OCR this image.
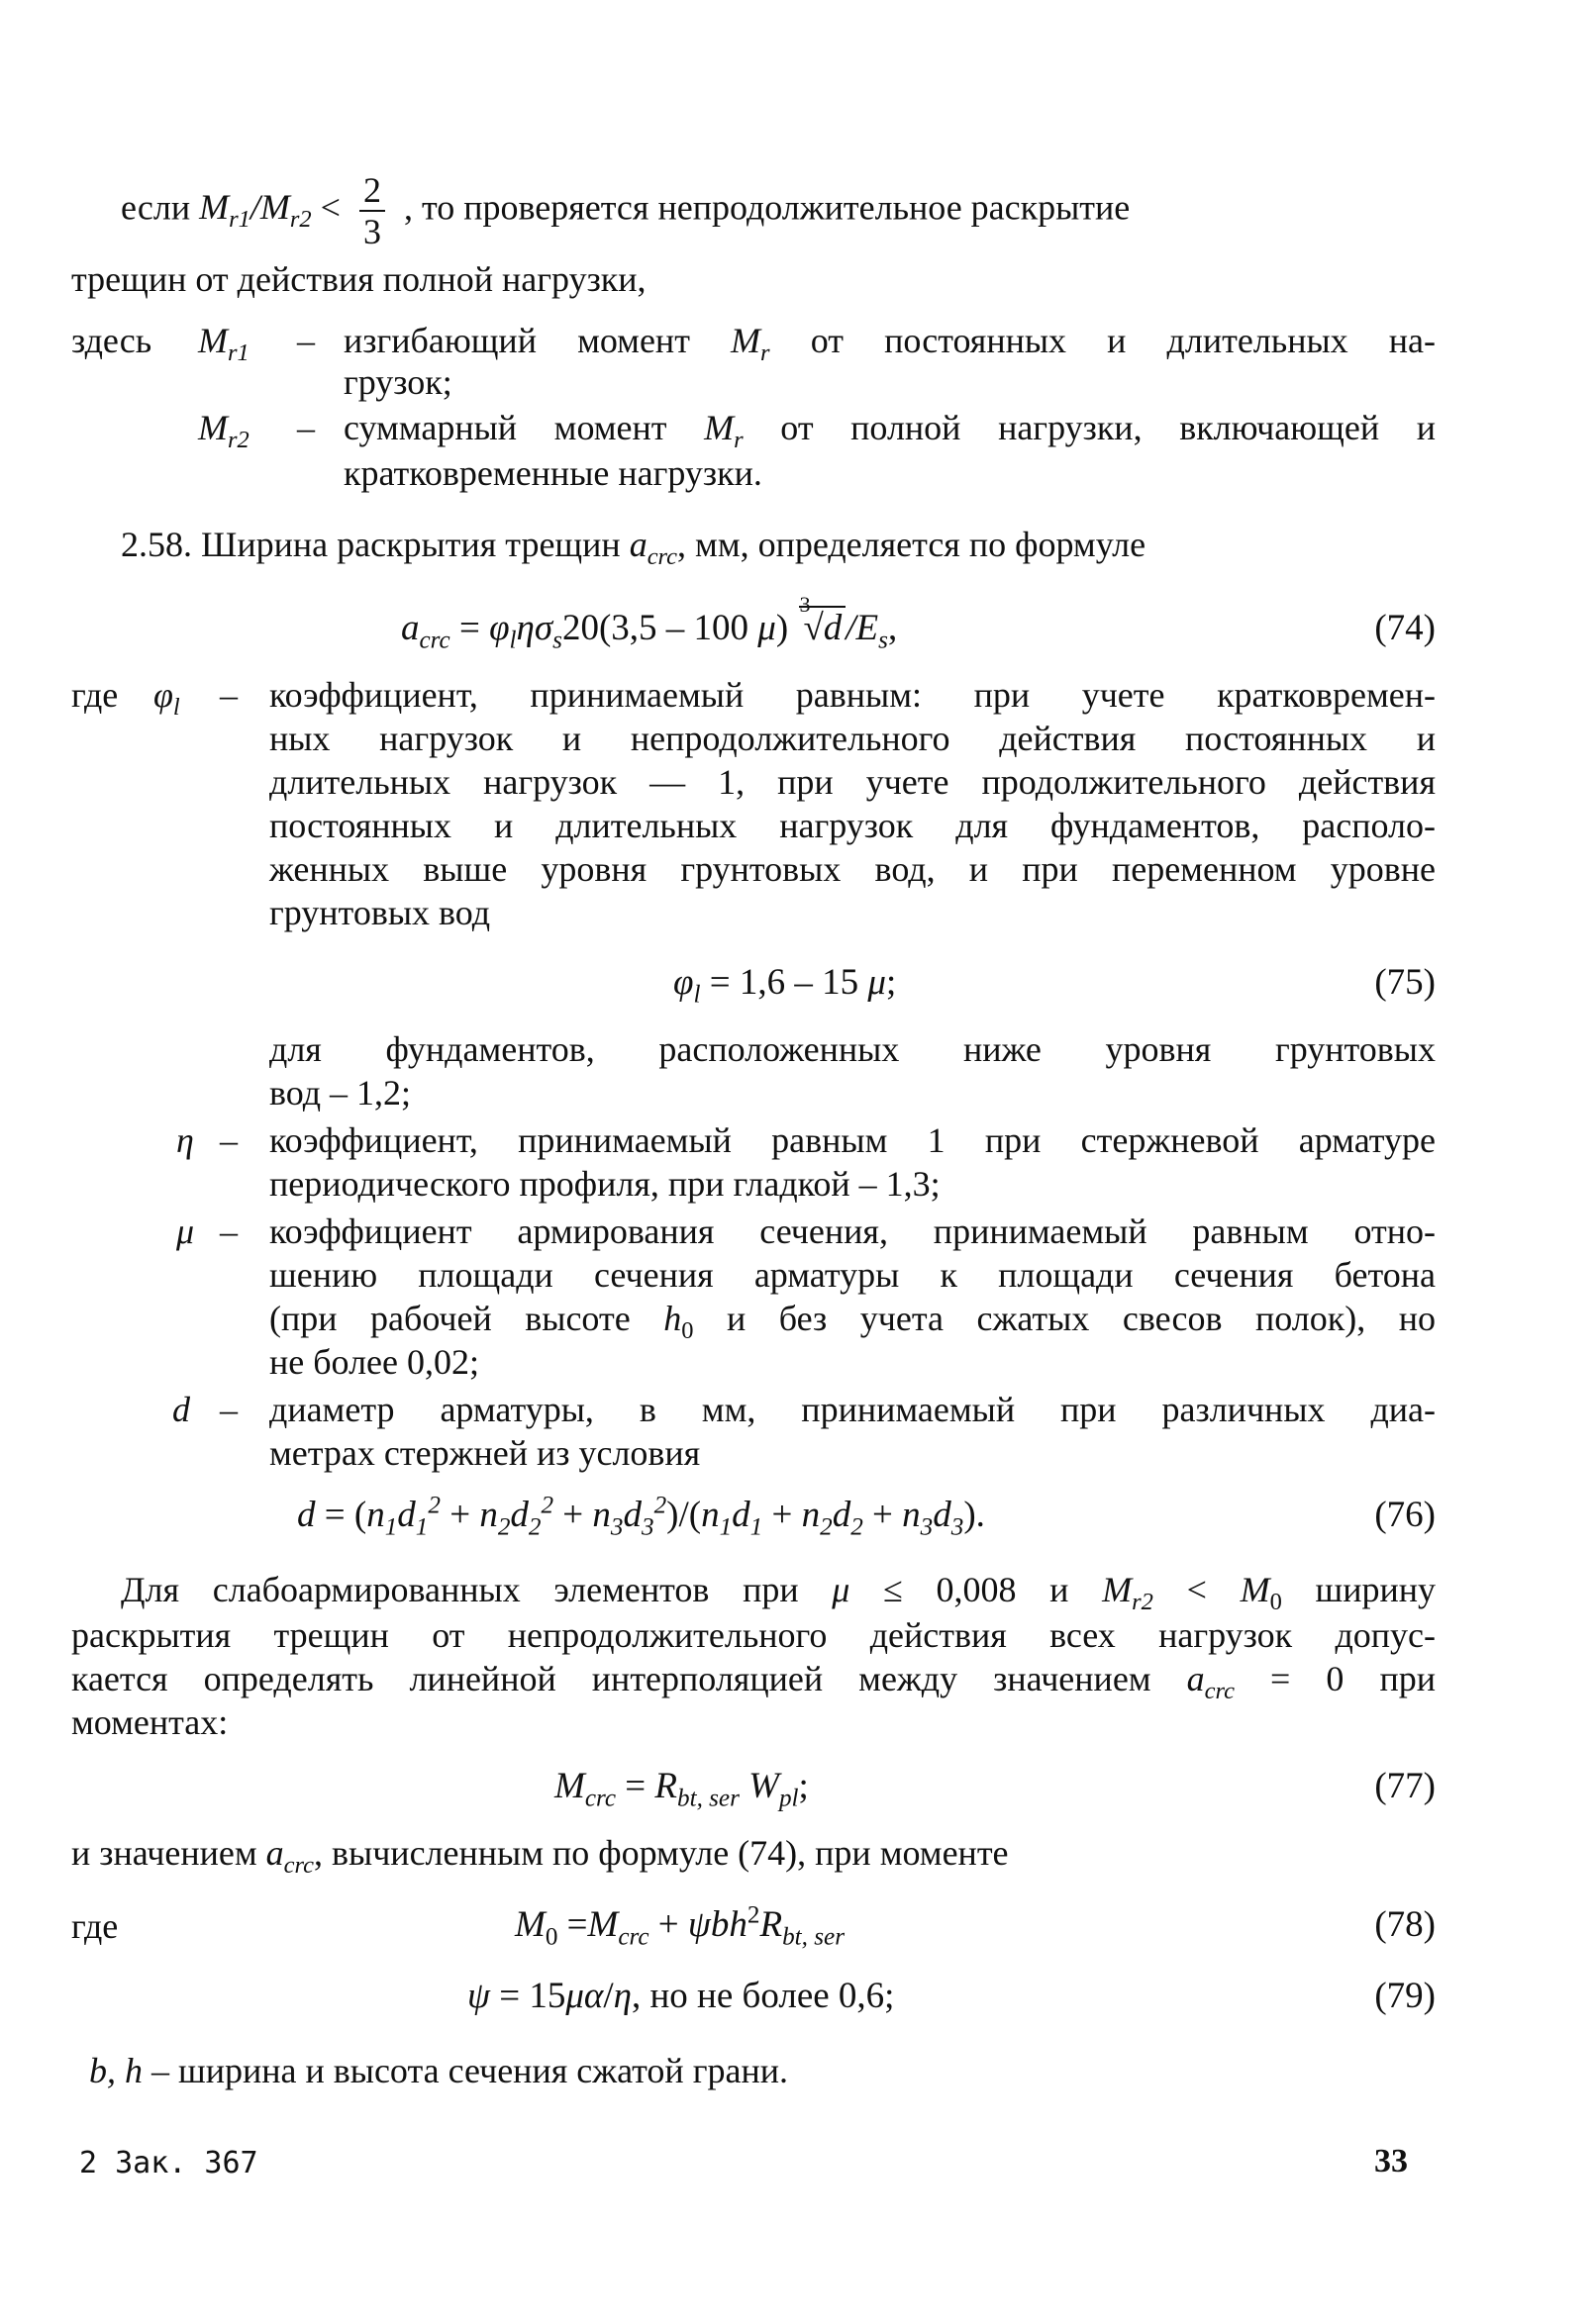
если $M_{r1}/M_{r2} < \frac{2}{3}$ , то проверяется непродолжительное раскрытие
трещин от действия полной нагрузки,
здесь $M_{r1}$ – изгибающий момент $M_r$ от постоянных и длительных на-
грузок;
$M_{r2}$ – суммарный момент $M_r$ от полной нагрузки, включающей и
кратковременные нагрузки.
2.58. Ширина раскрытия трещин $a_{crc}$, мм, определяется по формуле
$a_{crc} = \varphi_l\eta\sigma_s20(3,5 - 100$ μ)
3
√d $/E_s$,	(74)
где $\varphi_l$ – коэффициент, принимаемый равным: при учете кратковремен-
ных нагрузок и непродолжительного действия постоянных и
длительных нагрузок — 1, при учете продолжительного действия
постоянных и длительных нагрузок для фундаментов, располо-
женных выше уровня грунтовых вод, и при переменном уровне
грунтовых вод
$\varphi_l = 1,6 - 15$ μ;	(75)
для фундаментов, расположенных ниже уровня грунтовых
вод – 1,2;
η – коэффициент, принимаемый равным 1 при стержневой арматуре
периодического профиля, при гладкой – 1,3;
μ – коэффициент армирования сечения, принимаемый равным отно-
шению площади сечения арматуры к площади сечения бетона
(при рабочей высоте $h_0$ и без учета сжатых свесов полок), но
не более 0,02;
d – диаметр арматуры, в мм, принимаемый при различных диа-
метрах стержней из условия
$d = (n_1d_1^2 + n_2d_2^2 + n_3d_3^2)/(n_1d_1 + n_2d_2 + n_3d_3)$.	(76)
Для слабоармированных элементов при μ ≤ 0,008 и $M_{r2} < M_0$ ширину
раскрытия трещин от непродолжительного действия всех нагрузок допус-
кается определять линейной интерполяцией между значением $a_{crc} = 0$ при
моментах:
$M_{crc} = R_{bt, ser}$ $W_{pl}$;	(77)
и значением $a_{crc}$, вычисленным по формуле (74), при моменте
где	$M_0 =M_{crc} + \psi bh^2R_{bt, ser}$	(78)
ψ = 15μα/η, но не более 0,6;	(79)
b, h – ширина и высота сечения сжатой грани.
2 Зак. 367	33
